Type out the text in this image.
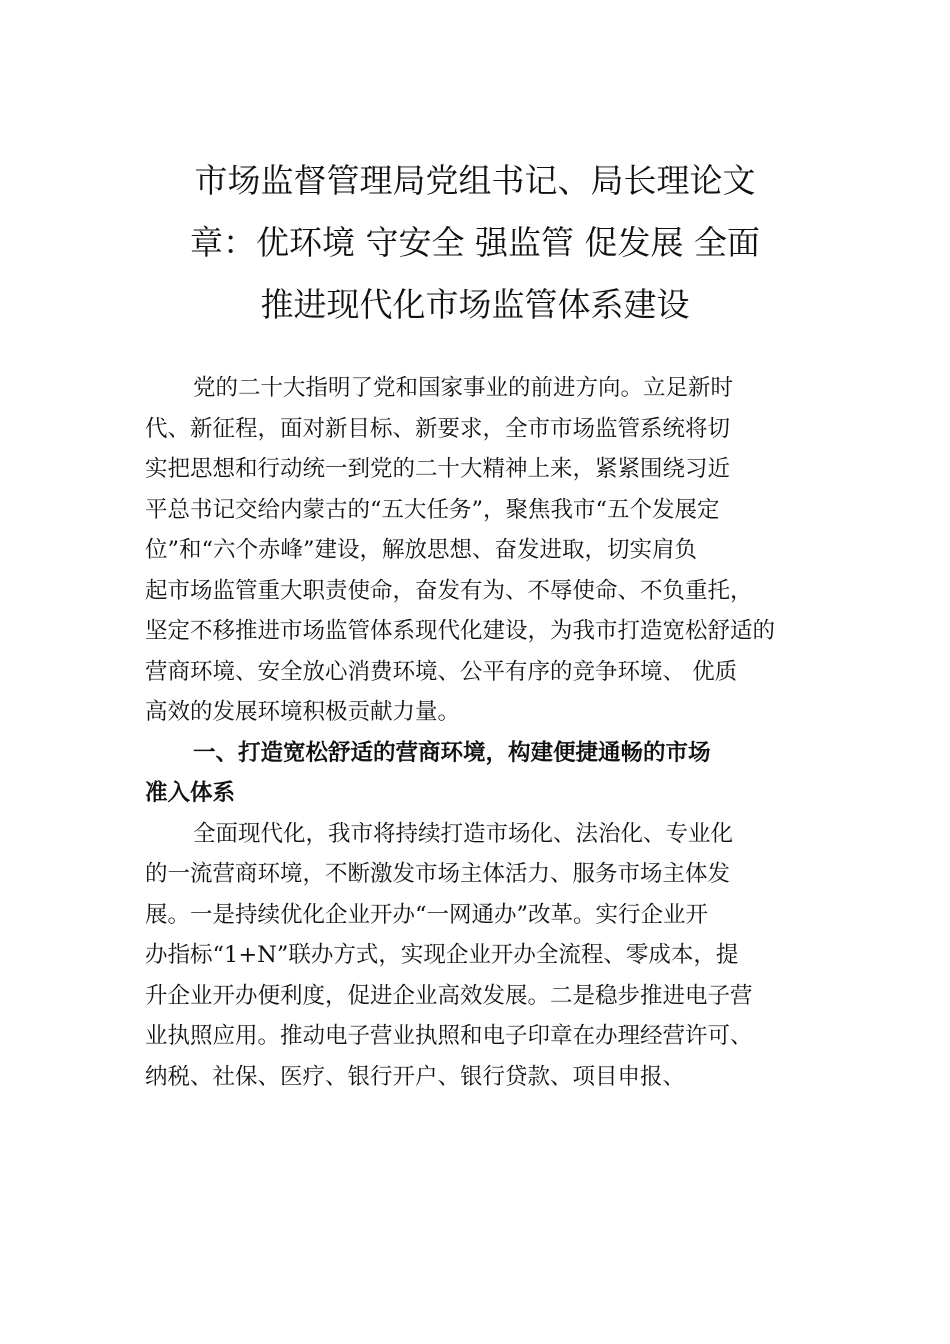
市场监督管理局党组书记、局长理论文
章：优环境 守安全 强监管 促发展 全面
推进现代化市场监管体系建设
党的二十大指明了党和国家事业的前进方向。立足新时
代、新征程，面对新目标、新要求，全市市场监管系统将切
实把思想和行动统一到党的二十大精神上来，紧紧围绕习近
平总书记交给内蒙古的“五大任务”，聚焦我市“五个发展定
位”和“六个赤峰”建设，解放思想、奋发进取，切实肩负
起市场监管重大职责使命，奋发有为、不辱使命、不负重托，
坚定不移推进市场监管体系现代化建设，为我市打造宽松舒适的
营商环境、安全放心消费环境、公平有序的竞争环境、 优质
高效的发展环境积极贡献力量。
一、打造宽松舒适的营商环境，构建便捷通畅的市场
准入体系
全面现代化，我市将持续打造市场化、法治化、专业化
的一流营商环境，不断激发市场主体活力、服务市场主体发
展。一是持续优化企业开办“一网通办”改革。实行企业开
办指标“1+N”联办方式，实现企业开办全流程、零成本，提
升企业开办便利度，促进企业高效发展。二是稳步推进电子营
业执照应用。推动电子营业执照和电子印章在办理经营许可、
纳税、社保、医疗、银行开户、银行贷款、项目申报、
